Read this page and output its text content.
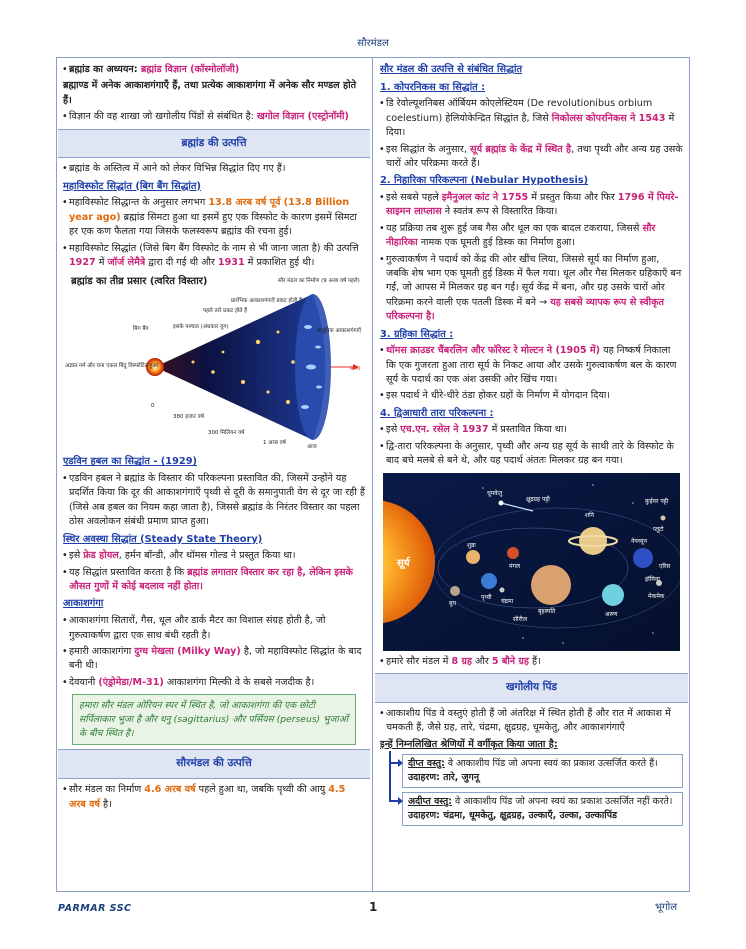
सौरमंडल
• ब्रह्मांड का अध्ययन: ब्रह्मांड विज्ञान (कॉस्मोलॉजी)
ब्रह्माण्ड में अनेक आकाशगंगाएँ हैं, तथा प्रत्येक आकाशगंगा में अनेक सौर मण्डल होते हैं।
• विज्ञान की वह शाखा जो खगोलीय पिंडों से संबंधित है: खगोल विज्ञान (एस्ट्रोनॉमी)
ब्रह्मांड की उत्पत्ति
• ब्रह्मांड के अस्तित्व में आने को लेकर विभिन्न सिद्धांत दिए गए हैं।
महाविस्फोट सिद्धांत (बिग बैंग सिद्धांत)
• महाविस्फोट सिद्धान्त के अनुसार लगभग 13.8 अरब वर्ष पूर्व (13.8 Billion year ago) ब्रह्मांड सिमटा हुआ था इसमें हुए एक विस्फोट के कारण इसमें सिमटा हर एक कण फैलता गया जिसके फलस्वरूप ब्रह्मांड की रचना हुई।
• महाविस्फोट सिद्धांत (जिसे बिग बैंग विस्फोट के नाम से भी जाना जाता है) की उत्पत्ति 1927 में जॉर्ज लेमैत्रे द्वारा दी गई थी और 1931 में प्रकाशित हुई थी।
समय
बिग बैंग	इसके पश्चात (अंधकार युग)
पहले तारे प्रकट होते हैं
प्रारंभिक आकाशगंगाएँ प्रकट होती हैं
सौर मंडल का निर्माण (9 अरब वर्ष पहले)
आधुनिक आकाशगंगाएँ
अज्ञात नर्म और घना एकल बिंदु विस्फोटित हुआ
0
380 हजार वर्ष
300 मिलियन वर्ष
1 अरब वर्ष
आज
ब्रह्मांड का तीव्र प्रसार (त्वरित विस्तार)
एडविन हबल का सिद्धांत - (1929)
• एडविन हबल ने ब्रह्मांड के विस्तार की परिकल्पना प्रस्तावित की, जिसमें उन्होंने यह प्रदर्शित किया कि दूर की आकाशगंगाएँ पृथ्वी से दूरी के समानुपाती वेग से दूर जा रही हैं (जिसे अब हबल का नियम कहा जाता है), जिससे ब्रह्मांड के निरंतर विस्तार का पहला ठोस अवलोकन संबंधी प्रमाण प्राप्त हुआ।
स्थिर अवस्था सिद्धांत (Steady State Theory)
• इसे फ्रेड होयल, हर्मन बॉन्डी, और थॉमस गोल्ड ने प्रस्तुत किया था।
• यह सिद्धांत प्रस्तावित करता है कि ब्रह्मांड लगातार विस्तार कर रहा है, लेकिन इसके औसत गुणों में कोई बदलाव नहीं होता।
आकाशगंगा
• आकाशगंगा सितारों, गैस, धूल और डार्क मैटर का विशाल संग्रह होती है, जो गुरुत्वाकर्षण द्वारा एक साथ बंधी रहती है।
• हमारी आकाशगंगा दुग्ध मेखला (Milky Way) है, जो महाविस्फोट सिद्धांत के बाद बनी थी।
• देवयानी (एंड्रोमेडा/M-31) आकाशगंगा मिल्की वे के सबसे नजदीक है।
हमारा सौर मंडल ओरियन स्पर में स्थित है, जो आकाशगंगा की एक छोटी सर्पिलाकार भुजा है और धनु (sagittarius) और पर्सियस (perseus) भुजाओं के बीच स्थित है।
सौरमंडल की उत्पत्ति
• सौर मंडल का निर्माण 4.6 अरब वर्ष पहले हुआ था, जबकि पृथ्वी की आयु 4.5 अरब वर्ष है।
सौर मंडल की उत्पत्ति से संबंधित सिद्धांत
1. कोपरनिकस का सिद्धांत :
• डि रेवोल्यूशनिबस ऑर्बियम कोएलेस्टियम (De revolutionibus orbium coelestium) हेलियोकेन्द्रित सिद्धांत है, जिसे निकोलस कोपरनिकस ने 1543 में दिया।
• इस सिद्धांत के अनुसार, सूर्य ब्रह्मांड के केंद्र में स्थित है, तथा पृथ्वी और अन्य ग्रह उसके चारों ओर परिक्रमा करते हैं।
2. निहारिका परिकल्पना (Nebular Hypothesis)
• इसे सबसे पहले इमैनुअल कांट ने 1755 में प्रस्तुत किया और फिर 1796 में पियरे-साइमन लाप्लास ने स्वतंत्र रूप से विस्तारित किया।
• यह प्रक्रिया तब शुरू हुई जब गैस और धूल का एक बादल टकराया, जिससे सौर नीहारिका नामक एक घूमती हुई डिस्क का निर्माण हुआ।
• गुरुत्वाकर्षण ने पदार्थ को केंद्र की ओर खींच लिया, जिससे सूर्य का निर्माण हुआ, जबकि शेष भाग एक घूमती हुई डिस्क में फैल गया। धूल और गैस मिलकर ग्रहिकाएँ बन गईं, जो आपस में मिलकर ग्रह बन गईं। सूर्य केंद्र में बना, और ग्रह उसके चारों ओर परिक्रमा करने वाली एक पतली डिस्क में बने → यह सबसे व्यापक रूप से स्वीकृत परिकल्पना है।
3. ग्रहिका सिद्धांत :
• थॉमस क्राउडर चैंबरलिन और फॉरेस्ट रे मोल्टन ने (1905 में) यह निष्कर्ष निकाला कि एक गुजरता हुआ तारा सूर्य के निकट आया और उसके गुरुत्वाकर्षण बल के कारण सूर्य के पदार्थ का एक अंश उसकी ओर खिंच गया।
• इस पदार्थ ने धीरे-धीरे ठंडा होकर ग्रहों के निर्माण में योगदान दिया।
4. द्विआधारी तारा परिकल्पना :
• इसे एच.एन. रसेल ने 1937 में प्रस्तावित किया था।
• द्वि-तारा परिकल्पना के अनुसार, पृथ्वी और अन्य ग्रह सूर्य के साथी तारे के विस्फोट के बाद बचे मलबे से बने थे, और यह पदार्थ अंततः मिलकर ग्रह बन गया।
सूर्य
बुध
शुक्र
पृथ्वी
चंद्रमा
मंगल
धूमकेतु
क्षुद्रग्रह पट्टी
बृहस्पति
शनि
अरुण
नेपच्यून
कुईपर पट्टी
प्लूटो
एरिस
हॉमिया
मेकमेक
सीरीज
• हमारे सौर मंडल में 8 ग्रह और 5 बौने ग्रह हैं।
खगोलीय पिंड
• आकाशीय पिंड वे वस्तुएं होती हैं जो अंतरिक्ष में स्थित होती हैं और रात में आकाश में चमकती हैं, जैसे ग्रह, तारे, चंद्रमा, क्षुद्रग्रह, धूमकेतु, और आकाशगंगाएँ
इन्हें निम्नलिखित श्रेणियों में वर्गीकृत किया जाता है:
दीप्त वस्तु: वे आकाशीय पिंड जो अपना स्वयं का प्रकाश उत्सर्जित करते हैं। उदाहरण: तारे, जुगनू
अदीप्त वस्तु: वे आकाशीय पिंड जो अपना स्वयं का प्रकाश उत्सर्जित नहीं करते। उदाहरण: चंद्रमा, धूमकेतु, क्षुद्रग्रह, उल्काएँ, उल्का, उल्कापिंड
PARMAR SSC	1	भूगोल
